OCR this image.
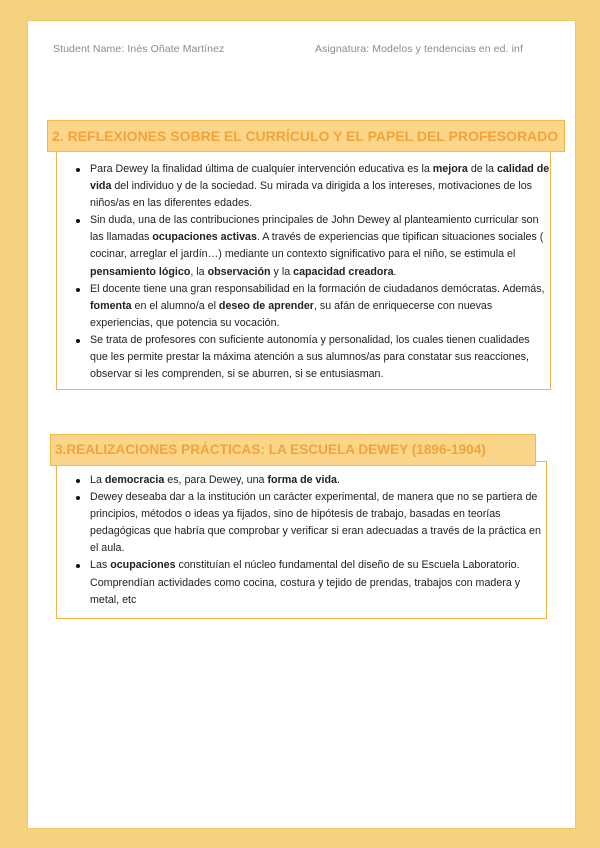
Student Name: Inés Oñate Martínez	Asignatura: Modelos y tendencias en ed. inf
Para Dewey la finalidad última de cualquier intervención educativa es la mejora de la calidad de vida del individuo y de la sociedad. Su mirada va dirigida a los intereses, motivaciones de los niños/as en las diferentes edades.
Sin duda, una de las contribuciones principales de John Dewey al planteamiento curricular son las llamadas ocupaciones activas. A través de experiencias que tipifican situaciones sociales ( cocinar, arreglar el jardín…) mediante un contexto significativo para el niño, se estimula el pensamiento lógico, la observación y la capacidad creadora.
El docente tiene una gran responsabilidad en la formación de ciudadanos demócratas. Además, fomenta en el alumno/a el deseo de aprender, su afán de enriquecerse con nuevas experiencias, que potencia su vocación.
Se trata de profesores con suficiente autonomía y personalidad, los cuales tienen cualidades que les permite prestar la máxima atención a sus alumnos/as para constatar sus reacciones, observar si les comprenden, si se aburren, si se entusiasman.
2. REFLEXIONES SOBRE EL CURRÍCULO Y EL PAPEL DEL PROFESORADO
La democracia es, para Dewey, una forma de vida.
Dewey deseaba dar a la institución un carácter experimental, de manera que no se partiera de principios, métodos o ideas ya fijados, sino de hipótesis de trabajo, basadas en teorías pedagógicas que habría que comprobar y verificar si eran adecuadas a través de la práctica en el aula.
Las ocupaciones constituían el núcleo fundamental del diseño de su Escuela Laboratorio. Comprendían actividades como cocina, costura y tejido de prendas, trabajos con madera y metal, etc
3.REALIZACIONES PRÁCTICAS: LA ESCUELA DEWEY (1896-1904)
